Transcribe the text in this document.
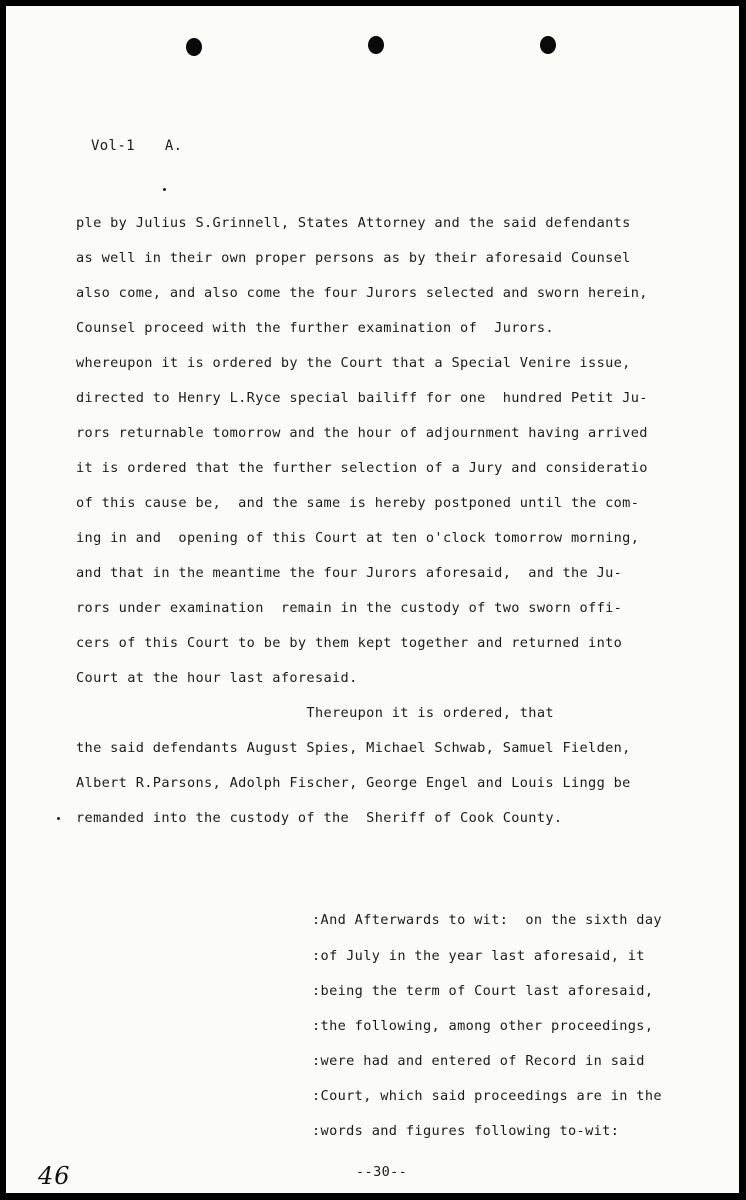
Vol-1 A.
ple by Julius S.Grinnell, States Attorney and the said defendants
as well in their own proper persons as by their aforesaid Counsel
also come, and also come the four Jurors selected and sworn herein,
Counsel proceed with the further examination of  Jurors.
whereupon it is ordered by the Court that a Special Venire issue,
directed to Henry L.Ryce special bailiff for one  hundred Petit Ju-
rors returnable tomorrow and the hour of adjournment having arrived
it is ordered that the further selection of a Jury and consideratio
of this cause be,  and the same is hereby postponed until the com-
ing in and  opening of this Court at ten o'clock tomorrow morning,
and that in the meantime the four Jurors aforesaid,  and the Ju-
rors under examination  remain in the custody of two sworn offi-
cers of this Court to be by them kept together and returned into
Court at the hour last aforesaid.
Thereupon it is ordered, that
the said defendants August Spies, Michael Schwab, Samuel Fielden,
Albert R.Parsons, Adolph Fischer, George Engel and Louis Lingg be
remanded into the custody of the  Sheriff of Cook County.
:And Afterwards to wit:  on the sixth day
:of July in the year last aforesaid, it
:being the term of Court last aforesaid,
:the following, among other proceedings,
:were had and entered of Record in said
:Court, which said proceedings are in the
:words and figures following to-wit:
46	--30--
